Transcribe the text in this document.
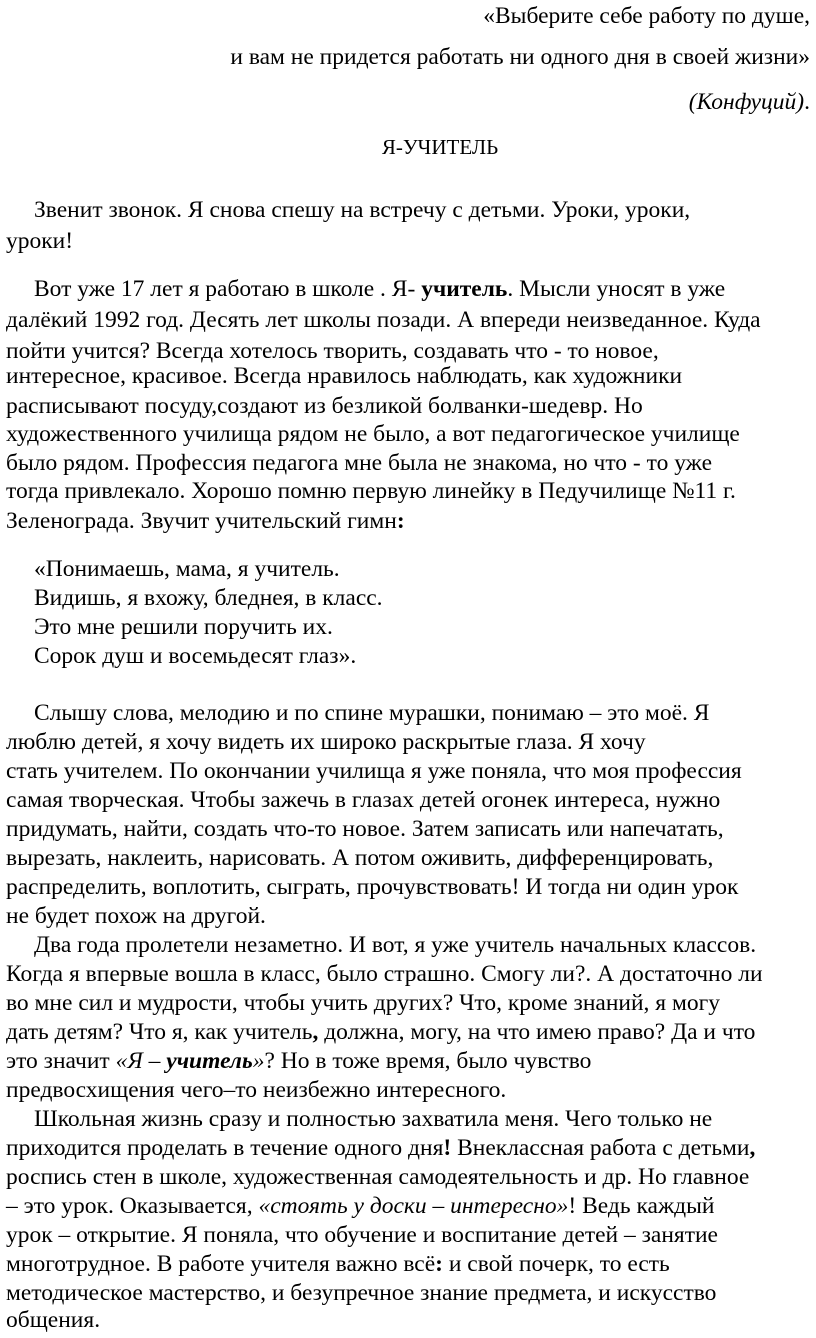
«Выберите себе работу по душе,
и вам не придется работать ни одного дня в своей жизни»
(Конфуций).
Я-УЧИТЕЛЬ
Звенит звонок. Я снова спешу на встречу с детьми. Уроки, уроки,
уроки!
Вот уже 17 лет я работаю в школе . Я- учитель. Мысли уносят в уже
далёкий 1992 год. Десять лет школы позади. А впереди неизведанное. Куда
пойти учится? Всегда хотелось творить, создавать что - то новое,
интересное, красивое. Всегда нравилось наблюдать, как художники
расписывают посуду,создают из безликой болванки-шедевр. Но
художественного училища рядом не было, а вот педагогическое училище
было рядом. Профессия педагога мне была не знакома, но что - то уже
тогда привлекало. Хорошо помню первую линейку в Педучилище №11 г.
Зеленограда. Звучит учительский гимн:
«Понимаешь, мама, я учитель.
Видишь, я вхожу, бледнея, в класс.
Это мне решили поручить их.
Сорок душ и восемьдесят глаз».
Слышу слова, мелодию и по спине мурашки, понимаю – это моё. Я
люблю детей, я хочу видеть их широко раскрытые глаза. Я хочу
стать учителем. По окончании училища я уже поняла, что моя профессия
самая творческая. Чтобы зажечь в глазах детей огонек интереса, нужно
придумать, найти, создать что-то новое. Затем записать или напечатать,
вырезать, наклеить, нарисовать. А потом оживить, дифференцировать,
распределить, воплотить, сыграть, прочувствовать! И тогда ни один урок
не будет похож на другой.
Два года пролетели незаметно. И вот, я уже учитель начальных классов.
Когда я впервые вошла в класс, было страшно. Смогу ли?. А достаточно ли
во мне сил и мудрости, чтобы учить других? Что, кроме знаний, я могу
дать детям? Что я, как учитель, должна, могу, на что имею право? Да и что
это значит «Я – учитель»? Но в тоже время, было чувство
предвосхищения чего–то неизбежно интересного.
Школьная жизнь сразу и полностью захватила меня. Чего только не
приходится проделать в течение одного дня! Внеклассная работа с детьми,
роспись стен в школе, художественная самодеятельность и др. Но главное
– это урок. Оказывается, «стоять у доски – интересно»! Ведь каждый
урок – открытие. Я поняла, что обучение и воспитание детей – занятие
многотрудное. В работе учителя важно всё: и свой почерк, то есть
методическое мастерство, и безупречное знание предмета, и искусство
общения.
